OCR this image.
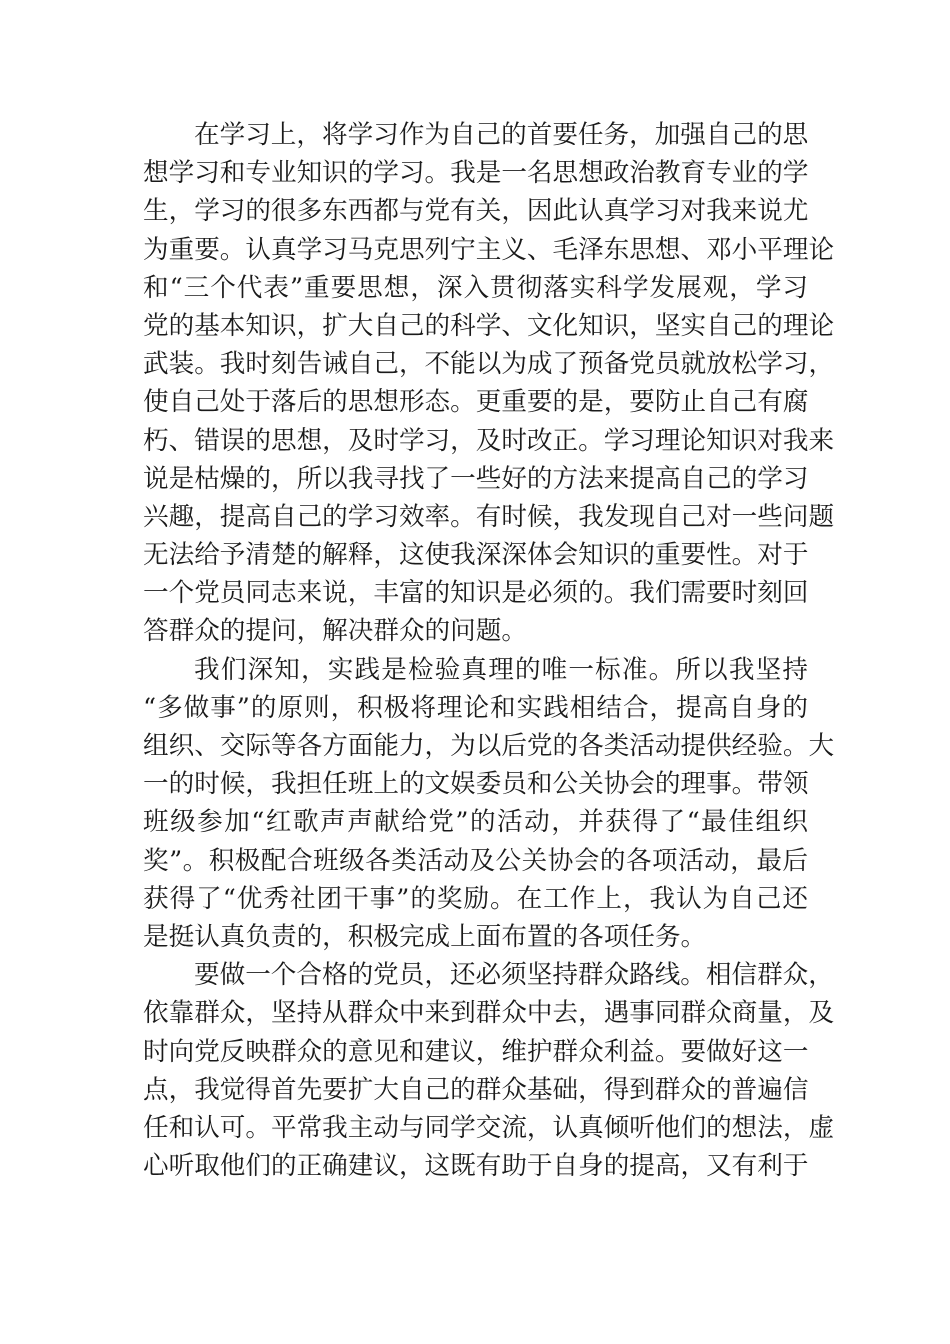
在学习上，将学习作为自己的首要任务，加强自己的思
想学习和专业知识的学习。我是一名思想政治教育专业的学
生，学习的很多东西都与党有关，因此认真学习对我来说尤
为重要。认真学习马克思列宁主义、毛泽东思想、邓小平理论
和“三个代表”重要思想，深入贯彻落实科学发展观，学习
党的基本知识，扩大自己的科学、文化知识，坚实自己的理论
武装。我时刻告诫自己，不能以为成了预备党员就放松学习，
使自己处于落后的思想形态。更重要的是，要防止自己有腐
朽、错误的思想，及时学习，及时改正。学习理论知识对我来
说是枯燥的，所以我寻找了一些好的方法来提高自己的学习
兴趣，提高自己的学习效率。有时候，我发现自己对一些问题
无法给予清楚的解释，这使我深深体会知识的重要性。对于
一个党员同志来说，丰富的知识是必须的。我们需要时刻回
答群众的提问，解决群众的问题。
我们深知，实践是检验真理的唯一标准。所以我坚持
“多做事”的原则，积极将理论和实践相结合，提高自身的
组织、交际等各方面能力，为以后党的各类活动提供经验。大
一的时候，我担任班上的文娱委员和公关协会的理事。带领
班级参加“红歌声声献给党”的活动，并获得了“最佳组织
奖”。积极配合班级各类活动及公关协会的各项活动，最后
获得了“优秀社团干事”的奖励。在工作上，我认为自己还
是挺认真负责的，积极完成上面布置的各项任务。
要做一个合格的党员，还必须坚持群众路线。相信群众，
依靠群众，坚持从群众中来到群众中去，遇事同群众商量，及
时向党反映群众的意见和建议，维护群众利益。要做好这一
点，我觉得首先要扩大自己的群众基础，得到群众的普遍信
任和认可。平常我主动与同学交流，认真倾听他们的想法，虚
心听取他们的正确建议，这既有助于自身的提高，又有利于
